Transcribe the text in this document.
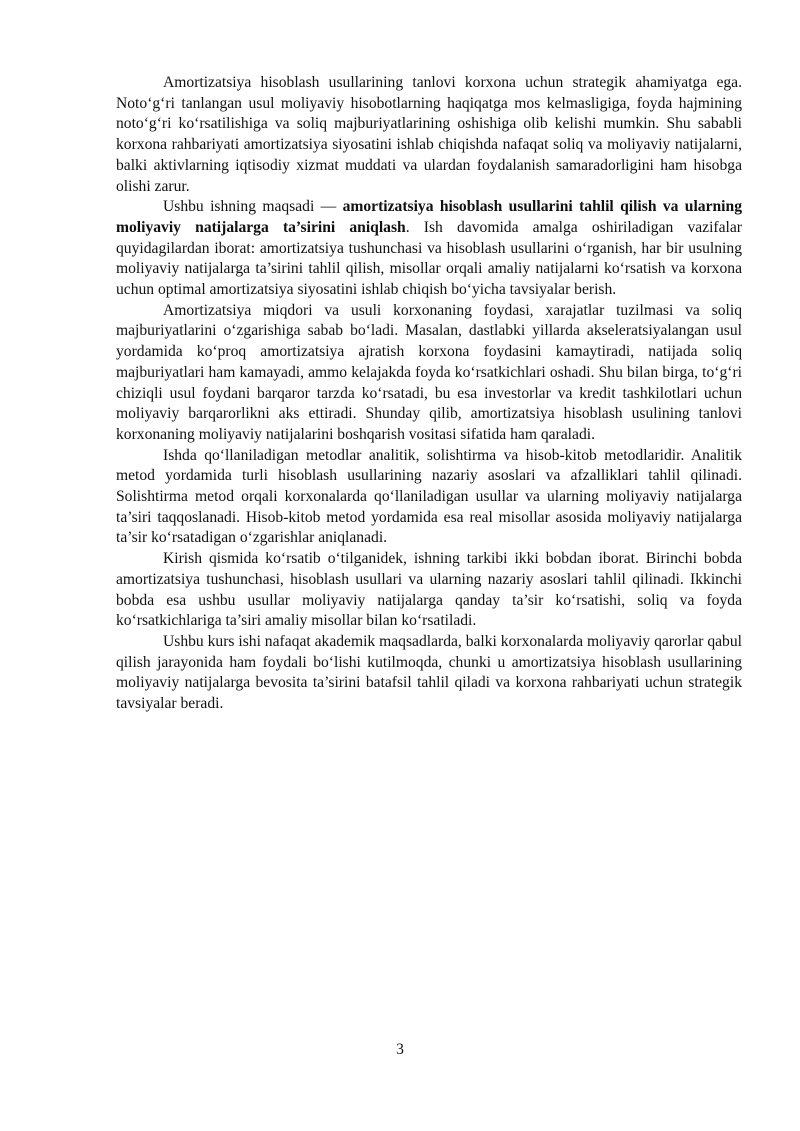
Amortizatsiya hisoblash usullarining tanlovi korxona uchun strategik ahamiyatga ega. Noto‘g‘ri tanlangan usul moliyaviy hisobotlarning haqiqatga mos kelmasligiga, foyda hajmining noto‘g‘ri ko‘rsatilishiga va soliq majburiyatlarining oshishiga olib kelishi mumkin. Shu sababli korxona rahbariyati amortizatsiya siyosatini ishlab chiqishda nafaqat soliq va moliyaviy natijalarni, balki aktivlarning iqtisodiy xizmat muddati va ulardan foydalanish samaradorligini ham hisobga olishi zarur.

Ushbu ishning maqsadi — amortizatsiya hisoblash usullarini tahlil qilish va ularning moliyaviy natijalarga ta’sirini aniqlash. Ish davomida amalga oshiriladigan vazifalar quyidagilardan iborat: amortizatsiya tushunchasi va hisoblash usullarini o‘rganish, har bir usulning moliyaviy natijalarga ta’sirini tahlil qilish, misollar orqali amaliy natijalarni ko‘rsatish va korxona uchun optimal amortizatsiya siyosatini ishlab chiqish bo‘yicha tavsiyalar berish.

Amortizatsiya miqdori va usuli korxonaning foydasi, xarajatlar tuzilmasi va soliq majburiyatlarini o‘zgarishiga sabab bo‘ladi. Masalan, dastlabki yillarda akseleratsiyalangan usul yordamida ko‘proq amortizatsiya ajratish korxona foydasini kamaytiradi, natijada soliq majburiyatlari ham kamayadi, ammo kelajakda foyda ko‘rsatkichlari oshadi. Shu bilan birga, to‘g‘ri chiziqli usul foydani barqaror tarzda ko‘rsatadi, bu esa investorlar va kredit tashkilotlari uchun moliyaviy barqarorlikni aks ettiradi. Shunday qilib, amortizatsiya hisoblash usulining tanlovi korxonaning moliyaviy natijalarini boshqarish vositasi sifatida ham qaraladi.

Ishda qo‘llaniladigan metodlar analitik, solishtirma va hisob-kitob metodlaridir. Analitik metod yordamida turli hisoblash usullarining nazariy asoslari va afzalliklari tahlil qilinadi. Solishtirma metod orqali korxonalarda qo‘llaniladigan usullar va ularning moliyaviy natijalarga ta’siri taqqoslanadi. Hisob-kitob metod yordamida esa real misollar asosida moliyaviy natijalarga ta’sir ko‘rsatadigan o‘zgarishlar aniqlanadi.

Kirish qismida ko‘rsatib o‘tilganidek, ishning tarkibi ikki bobdan iborat. Birinchi bobda amortizatsiya tushunchasi, hisoblash usullari va ularning nazariy asoslari tahlil qilinadi. Ikkinchi bobda esa ushbu usullar moliyaviy natijalarga qanday ta’sir ko‘rsatishi, soliq va foyda ko‘rsatkichlariga ta’siri amaliy misollar bilan ko‘rsatiladi.

Ushbu kurs ishi nafaqat akademik maqsadlarda, balki korxonalarda moliyaviy qarorlar qabul qilish jarayonida ham foydali bo‘lishi kutilmoqda, chunki u amortizatsiya hisoblash usullarining moliyaviy natijalarga bevosita ta’sirini batafsil tahlil qiladi va korxona rahbariyati uchun strategik tavsiyalar beradi.

3
